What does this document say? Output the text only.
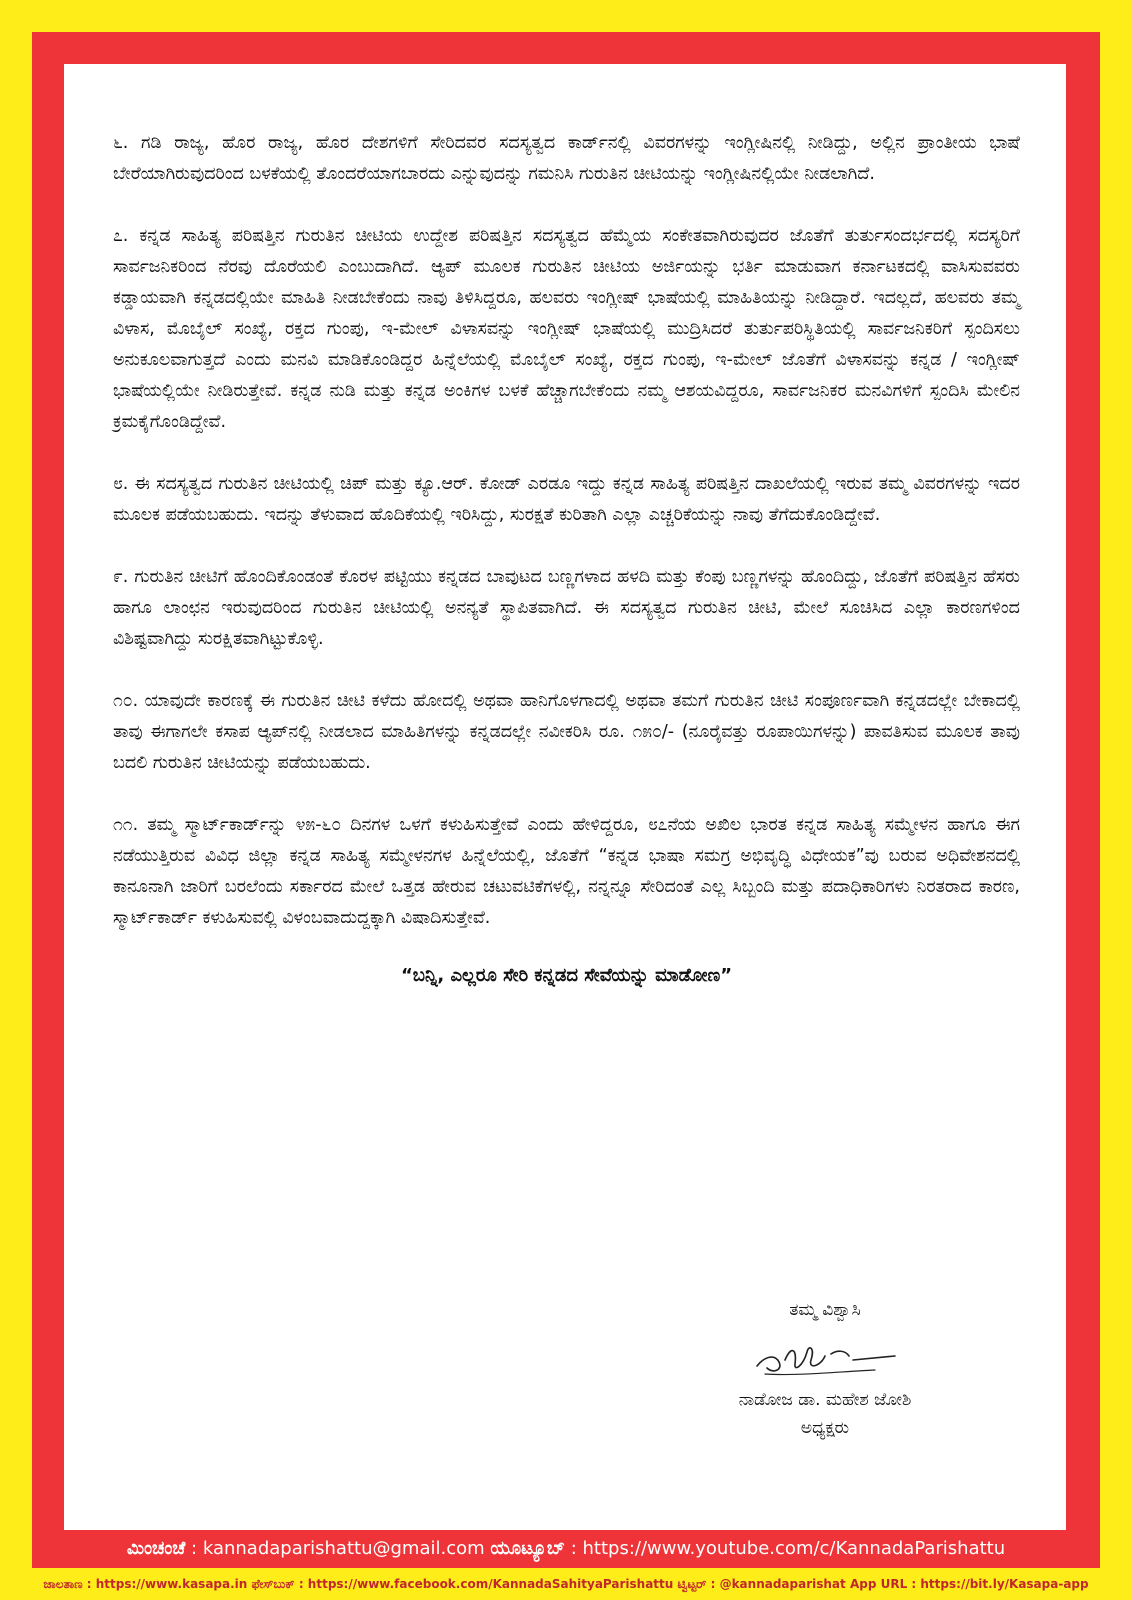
೬. ಗಡಿ ರಾಜ್ಯ, ಹೊರ ರಾಜ್ಯ, ಹೊರ ದೇಶಗಳಿಗೆ ಸೇರಿದವರ ಸದಸ್ಯತ್ವದ ಕಾರ್ಡ್‌ನಲ್ಲಿ ವಿವರಗಳನ್ನು ಇಂಗ್ಲೀಷಿನಲ್ಲಿ ನೀಡಿದ್ದು, ಅಲ್ಲಿನ ಪ್ರಾಂತೀಯ ಭಾಷೆ ಬೇರೆಯಾಗಿರುವುದರಿಂದ ಬಳಕೆಯಲ್ಲಿ ತೊಂದರೆಯಾಗಬಾರದು ಎನ್ನುವುದನ್ನು ಗಮನಿಸಿ ಗುರುತಿನ ಚೀಟಿಯನ್ನು ಇಂಗ್ಲೀಷಿನಲ್ಲಿಯೇ ನೀಡಲಾಗಿದೆ.

೭. ಕನ್ನಡ ಸಾಹಿತ್ಯ ಪರಿಷತ್ತಿನ ಗುರುತಿನ ಚೀಟಿಯ ಉದ್ದೇಶ ಪರಿಷತ್ತಿನ ಸದಸ್ಯತ್ವದ ಹೆಮ್ಮೆಯ ಸಂಕೇತವಾಗಿರುವುದರ ಜೊತೆಗೆ ತುರ್ತುಸಂದರ್ಭದಲ್ಲಿ ಸದಸ್ಯರಿಗೆ ಸಾರ್ವಜನಿಕರಿಂದ ನೆರವು ದೊರೆಯಲಿ ಎಂಬುದಾಗಿದೆ. ಆ್ಯಪ್ ಮೂಲಕ ಗುರುತಿನ ಚೀಟಿಯ ಅರ್ಜಿಯನ್ನು ಭರ್ತಿ ಮಾಡುವಾಗ ಕರ್ನಾಟಕದಲ್ಲಿ ವಾಸಿಸುವವರು ಕಡ್ಡಾಯವಾಗಿ ಕನ್ನಡದಲ್ಲಿಯೇ ಮಾಹಿತಿ ನೀಡಬೇಕೆಂದು ನಾವು ತಿಳಿಸಿದ್ದರೂ, ಹಲವರು ಇಂಗ್ಲೀಷ್ ಭಾಷೆಯಲ್ಲಿ ಮಾಹಿತಿಯನ್ನು ನೀಡಿದ್ದಾರೆ. ಇದಲ್ಲದೆ, ಹಲವರು ತಮ್ಮ ವಿಳಾಸ, ಮೊಬೈಲ್ ಸಂಖ್ಯೆ, ರಕ್ತದ ಗುಂಪು, ಇ-ಮೇಲ್ ವಿಳಾಸವನ್ನು ಇಂಗ್ಲೀಷ್ ಭಾಷೆಯಲ್ಲಿ ಮುದ್ರಿಸಿದರೆ ತುರ್ತುಪರಿಸ್ಥಿತಿಯಲ್ಲಿ ಸಾರ್ವಜನಿಕರಿಗೆ ಸ್ಪಂದಿಸಲು ಅನುಕೂಲವಾಗುತ್ತದೆ ಎಂದು ಮನವಿ ಮಾಡಿಕೊಂಡಿದ್ದರ ಹಿನ್ನೆಲೆಯಲ್ಲಿ ಮೊಬೈಲ್ ಸಂಖ್ಯೆ, ರಕ್ತದ ಗುಂಪು, ಇ-ಮೇಲ್ ಜೊತೆಗೆ ವಿಳಾಸವನ್ನು ಕನ್ನಡ / ಇಂಗ್ಲೀಷ್ ಭಾಷೆಯಲ್ಲಿಯೇ ನೀಡಿರುತ್ತೇವೆ. ಕನ್ನಡ ನುಡಿ ಮತ್ತು ಕನ್ನಡ ಅಂಕಿಗಳ ಬಳಕೆ ಹೆಚ್ಚಾಗಬೇಕೆಂದು ನಮ್ಮ ಆಶಯವಿದ್ದರೂ, ಸಾರ್ವಜನಿಕರ ಮನವಿಗಳಿಗೆ ಸ್ಪಂದಿಸಿ ಮೇಲಿನ ಕ್ರಮಕೈಗೊಂಡಿದ್ದೇವೆ.

೮. ಈ ಸದಸ್ಯತ್ವದ ಗುರುತಿನ ಚೀಟಿಯಲ್ಲಿ ಚಿಪ್ ಮತ್ತು ಕ್ಯೂ.ಆರ್. ಕೋಡ್ ಎರಡೂ ಇದ್ದು ಕನ್ನಡ ಸಾಹಿತ್ಯ ಪರಿಷತ್ತಿನ ದಾಖಲೆಯಲ್ಲಿ ಇರುವ ತಮ್ಮ ವಿವರಗಳನ್ನು ಇದರ ಮೂಲಕ ಪಡೆಯಬಹುದು. ಇದನ್ನು ತೆಳುವಾದ ಹೊದಿಕೆಯಲ್ಲಿ ಇರಿಸಿದ್ದು, ಸುರಕ್ಷತೆ ಕುರಿತಾಗಿ ಎಲ್ಲಾ ಎಚ್ಚರಿಕೆಯನ್ನು ನಾವು ತೆಗೆದುಕೊಂಡಿದ್ದೇವೆ.

೯. ಗುರುತಿನ ಚೀಟಿಗೆ ಹೊಂದಿಕೊಂಡಂತೆ ಕೊರಳ ಪಟ್ಟಿಯು ಕನ್ನಡದ ಬಾವುಟದ ಬಣ್ಣಗಳಾದ ಹಳದಿ ಮತ್ತು ಕೆಂಪು ಬಣ್ಣಗಳನ್ನು ಹೊಂದಿದ್ದು, ಜೊತೆಗೆ ಪರಿಷತ್ತಿನ ಹೆಸರು ಹಾಗೂ ಲಾಂಛನ ಇರುವುದರಿಂದ ಗುರುತಿನ ಚೀಟಿಯಲ್ಲಿ ಅನನ್ಯತೆ ಸ್ಥಾಪಿತವಾಗಿದೆ. ಈ ಸದಸ್ಯತ್ವದ ಗುರುತಿನ ಚೀಟಿ, ಮೇಲೆ ಸೂಚಿಸಿದ ಎಲ್ಲಾ ಕಾರಣಗಳಿಂದ ವಿಶಿಷ್ಟವಾಗಿದ್ದು ಸುರಕ್ಷಿತವಾಗಿಟ್ಟುಕೊಳ್ಳಿ.

೧೦. ಯಾವುದೇ ಕಾರಣಕ್ಕೆ ಈ ಗುರುತಿನ ಚೀಟಿ ಕಳೆದು ಹೋದಲ್ಲಿ ಅಥವಾ ಹಾನಿಗೊಳಗಾದಲ್ಲಿ ಅಥವಾ ತಮಗೆ ಗುರುತಿನ ಚೀಟಿ ಸಂಪೂರ್ಣವಾಗಿ ಕನ್ನಡದಲ್ಲೇ ಬೇಕಾದಲ್ಲಿ ತಾವು ಈಗಾಗಲೇ ಕಸಾಪ ಆ್ಯಪ್‌ನಲ್ಲಿ ನೀಡಲಾದ ಮಾಹಿತಿಗಳನ್ನು ಕನ್ನಡದಲ್ಲೇ ನವೀಕರಿಸಿ ರೂ. ೧೫೦/- (ನೂರೈವತ್ತು ರೂಪಾಯಿಗಳನ್ನು) ಪಾವತಿಸುವ ಮೂಲಕ ತಾವು ಬದಲಿ ಗುರುತಿನ ಚೀಟಿಯನ್ನು ಪಡೆಯಬಹುದು.

೧೧. ತಮ್ಮ ಸ್ಮಾರ್ಟ್‌ಕಾರ್ಡ್‌ನ್ನು ೪೫-೬೦ ದಿನಗಳ ಒಳಗೆ ಕಳುಹಿಸುತ್ತೇವೆ ಎಂದು ಹೇಳಿದ್ದರೂ, ೮೭ನೆಯ ಅಖಿಲ ಭಾರತ ಕನ್ನಡ ಸಾಹಿತ್ಯ ಸಮ್ಮೇಳನ ಹಾಗೂ ಈಗ ನಡೆಯುತ್ತಿರುವ ವಿವಿಧ ಜಿಲ್ಲಾ ಕನ್ನಡ ಸಾಹಿತ್ಯ ಸಮ್ಮೇಳನಗಳ ಹಿನ್ನೆಲೆಯಲ್ಲಿ, ಜೊತೆಗೆ “ಕನ್ನಡ ಭಾಷಾ ಸಮಗ್ರ ಅಭಿವೃದ್ಧಿ ವಿಧೇಯಕ”ವು ಬರುವ ಅಧಿವೇಶನದಲ್ಲಿ ಕಾನೂನಾಗಿ ಜಾರಿಗೆ ಬರಲೆಂದು ಸರ್ಕಾರದ ಮೇಲೆ ಒತ್ತಡ ಹೇರುವ ಚಟುವಟಿಕೆಗಳಲ್ಲಿ, ನನ್ನನ್ನೂ ಸೇರಿದಂತೆ ಎಲ್ಲ ಸಿಬ್ಬಂದಿ ಮತ್ತು ಪದಾಧಿಕಾರಿಗಳು ನಿರತರಾದ ಕಾರಣ, ಸ್ಮಾರ್ಟ್‌ಕಾರ್ಡ್ ಕಳುಹಿಸುವಲ್ಲಿ ವಿಳಂಬವಾದುದ್ದಕ್ಕಾಗಿ ವಿಷಾದಿಸುತ್ತೇವೆ.

“ಬನ್ನಿ, ಎಲ್ಲರೂ ಸೇರಿ ಕನ್ನಡದ ಸೇವೆಯನ್ನು ಮಾಡೋಣ”

ತಮ್ಮ ವಿಶ್ವಾಸಿ
ನಾಡೋಜ ಡಾ. ಮಹೇಶ ಜೋಶಿ
ಅಧ್ಯಕ್ಷರು
ಮಿಂಚಂಚೆ : kannadaparishattu@gmail.com ಯೂಟ್ಯೂಬ್ : https://www.youtube.com/c/KannadaParishattu
ಜಾಲತಾಣ : https://www.kasapa.in ಫೇಸ್‌ಬುಕ್ : https://www.facebook.com/KannadaSahityaParishattu ಟ್ವಿಟ್ಟರ್ : @kannadaparishat App URL : https://bit.ly/Kasapa-app
